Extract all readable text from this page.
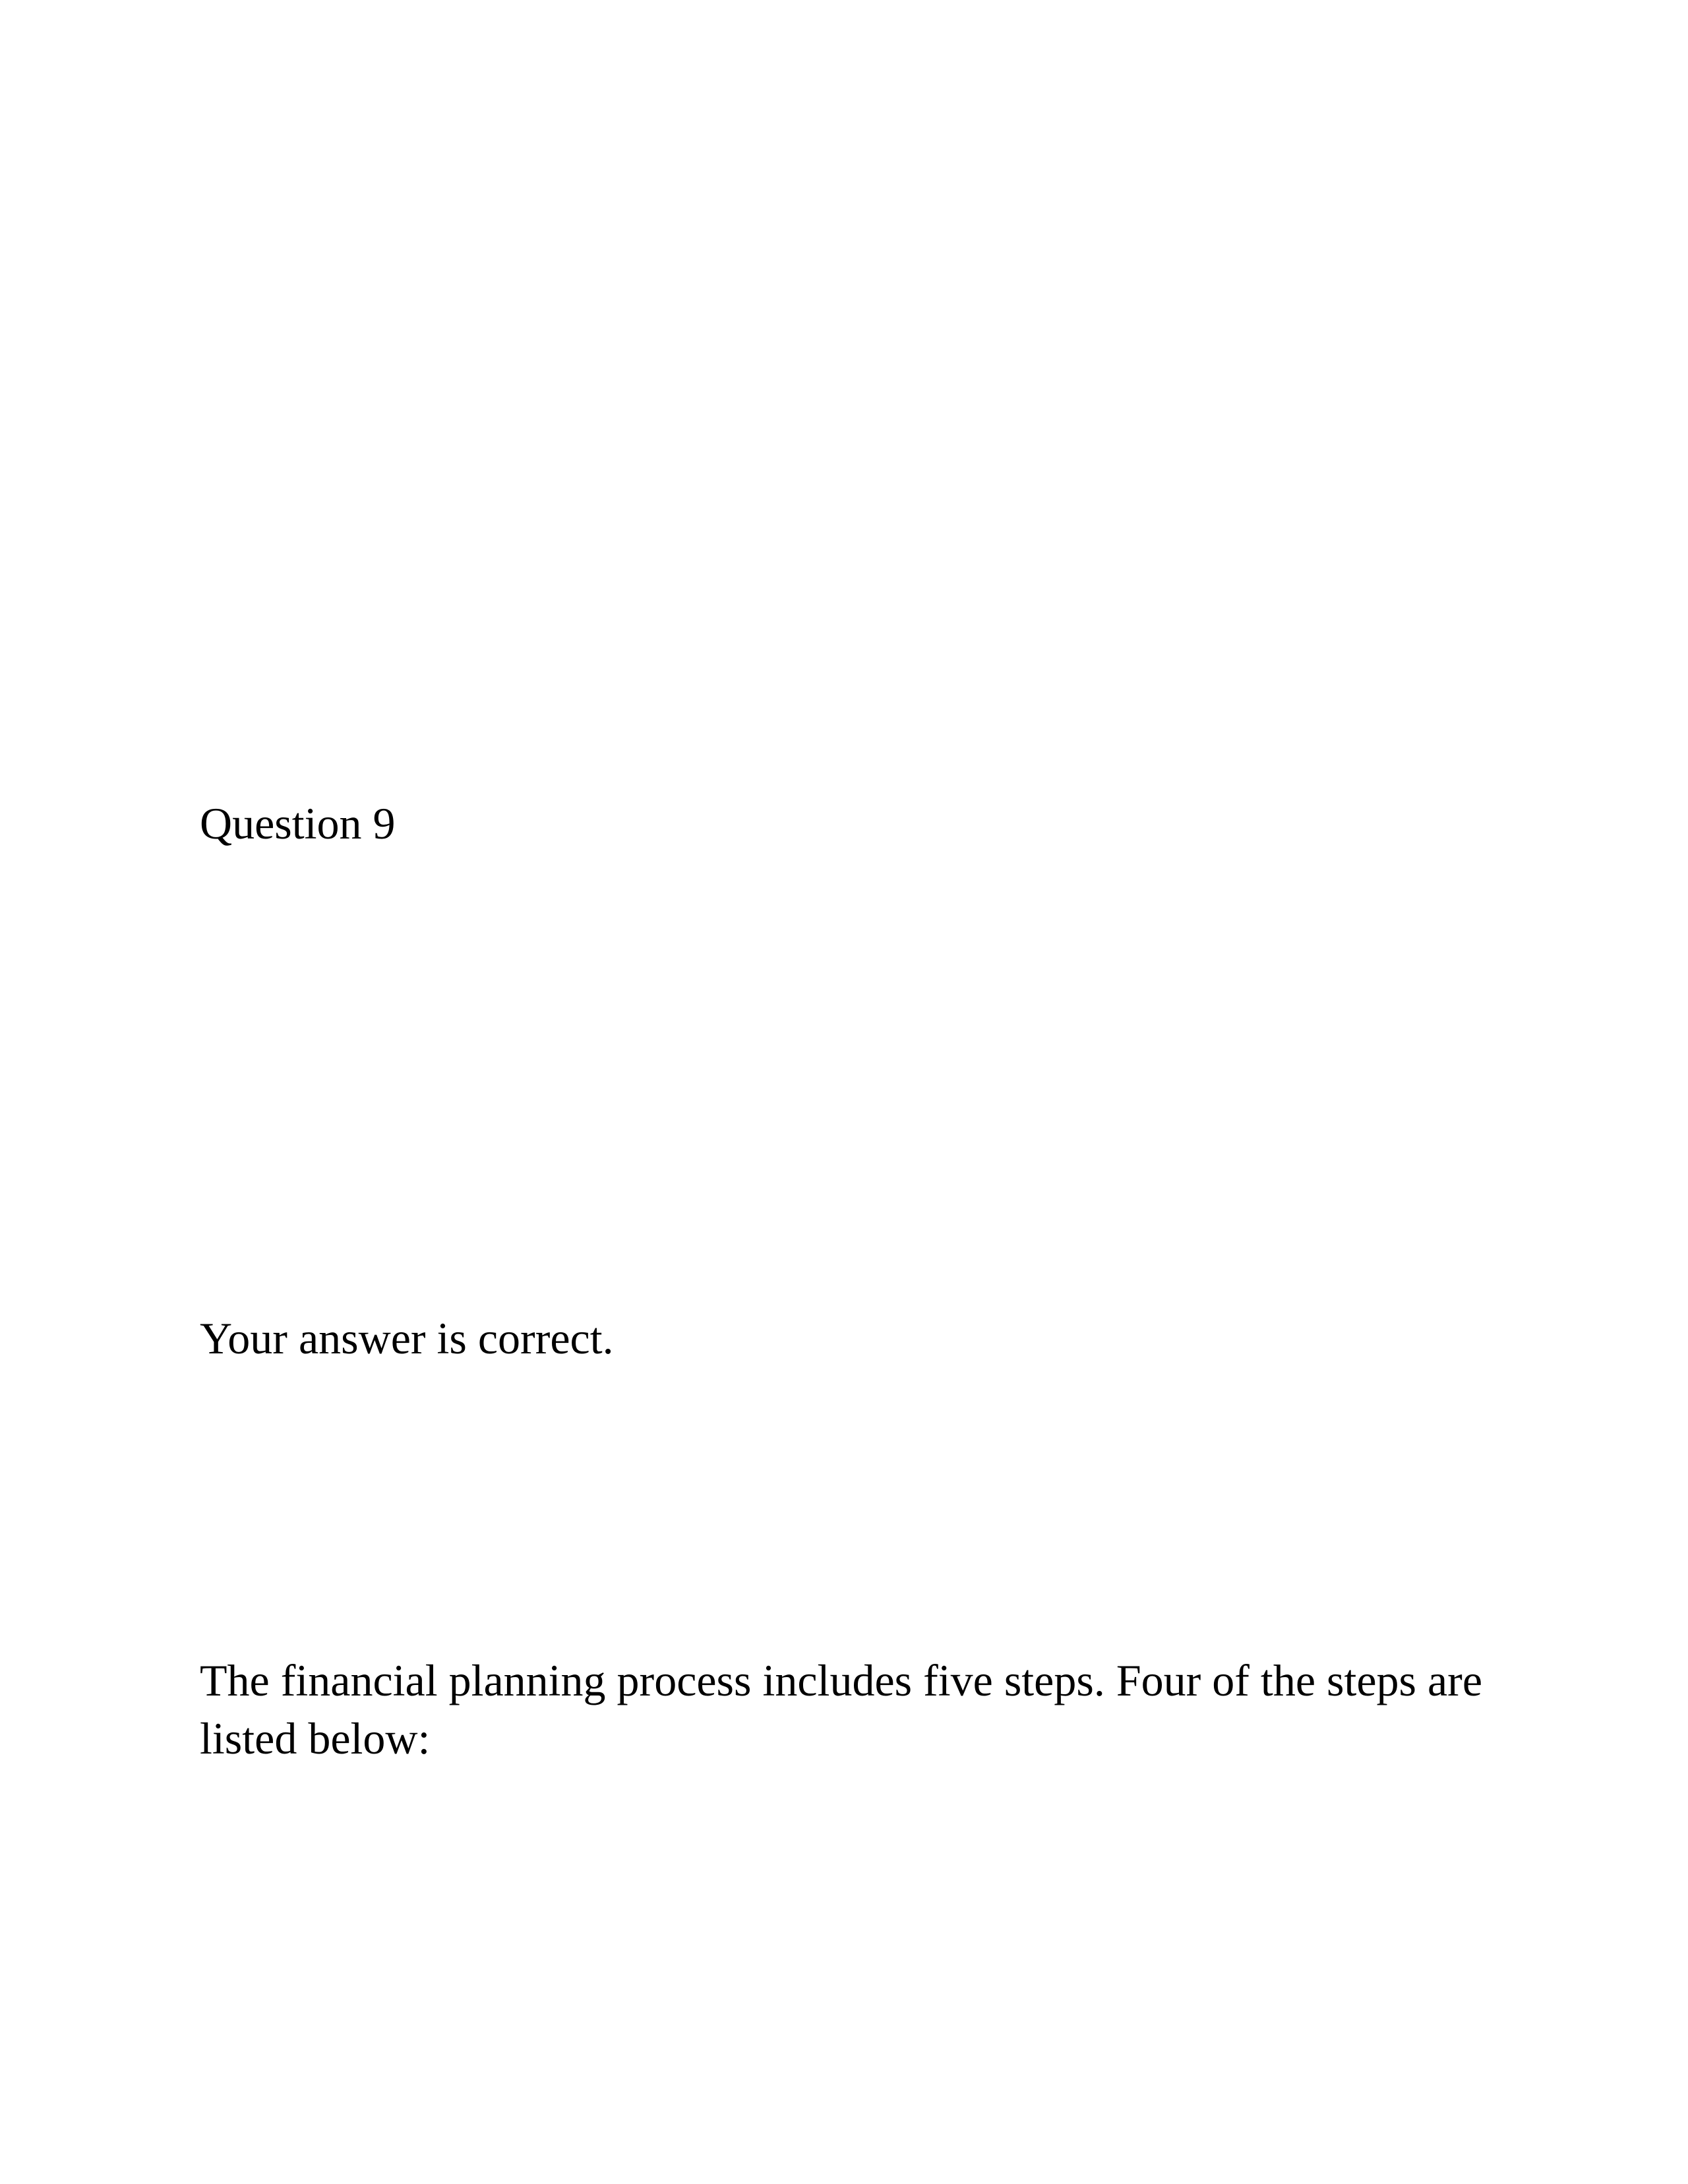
Question 9
Your answer is correct.
The financial planning process includes five steps. Four of the steps are listed below:
